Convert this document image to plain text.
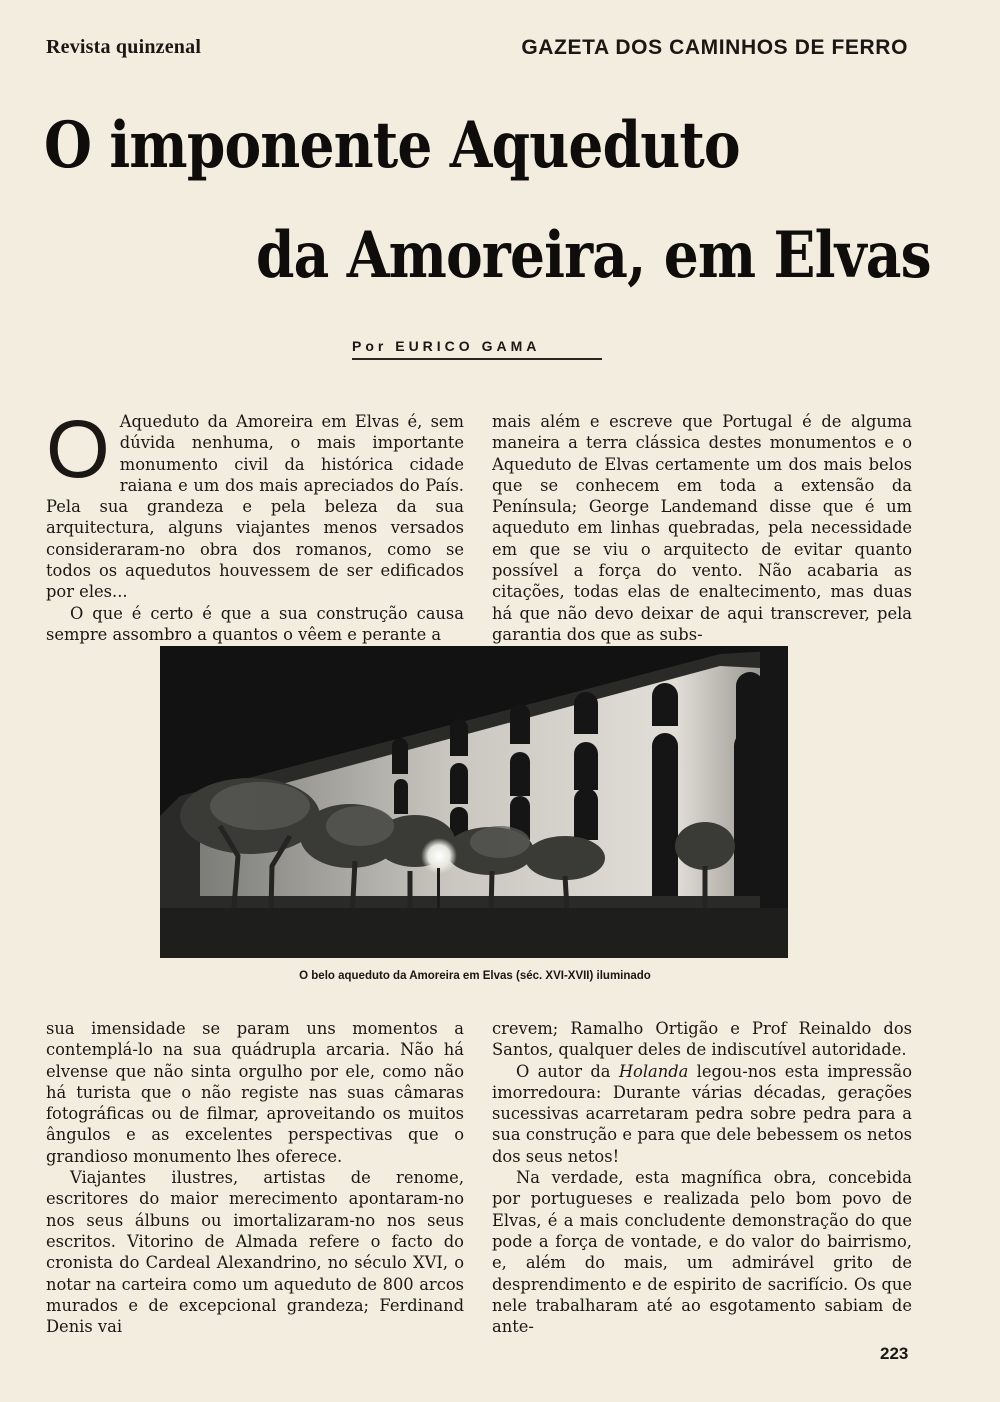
Revista quinzenal	GAZETA DOS CAMINHOS DE FERRO
O imponente Aqueduto
da Amoreira, em Elvas
Por EURICO GAMA

O Aqueduto da Amoreira em Elvas é, sem dúvida nenhuma, o mais importante monumento civil da histórica cidade raiana e um dos mais apreciados do País. Pela sua grandeza e pela beleza da sua arquitectura, alguns viajantes menos versados consideraram-no obra dos romanos, como se todos os aquedutos houvessem de ser edificados por eles...

O que é certo é que a sua construção causa sempre assombro a quantos o vêem e perante a

mais além e escreve que Portugal é de alguma maneira a terra clássica destes monumentos e o Aqueduto de Elvas certamente um dos mais belos que se conhecem em toda a extensão da Península; George Landemand disse que é um aqueduto em linhas quebradas, pela necessidade em que se viu o arquitecto de evitar quanto possível a força do vento. Não acabaria as citações, todas elas de enaltecimento, mas duas há que não devo deixar de aqui transcrever, pela garantia dos que as subs-

O belo aqueduto da Amoreira em Elvas (séc. XVI-XVII) iluminado

sua imensidade se param uns momentos a contemplá-lo na sua quádrupla arcaria. Não há elvense que não sinta orgulho por ele, como não há turista que o não registe nas suas câmaras fotográficas ou de filmar, aproveitando os muitos ângulos e as excelentes perspectivas que o grandioso monumento lhes oferece.

Viajantes ilustres, artistas de renome, escritores do maior merecimento apontaram-no nos seus álbuns ou imortalizaram-no nos seus escritos. Vitorino de Almada refere o facto do cronista do Cardeal Alexandrino, no século XVI, o notar na carteira como um aqueduto de 800 arcos murados e de excepcional grandeza; Ferdinand Denis vai

crevem; Ramalho Ortigão e Prof Reinaldo dos Santos, qualquer deles de indiscutível autoridade.

O autor da Holanda legou-nos esta impressão imorredoura: Durante várias décadas, gerações sucessivas acarretaram pedra sobre pedra para a sua construção e para que dele bebessem os netos dos seus netos!

Na verdade, esta magnífica obra, concebida por portugueses e realizada pelo bom povo de Elvas, é a mais concludente demonstração do que pode a força de vontade, e do valor do bairrismo, e, além do mais, um admirável grito de desprendimento e de espirito de sacrifício. Os que nele trabalharam até ao esgotamento sabiam de ante-

223
